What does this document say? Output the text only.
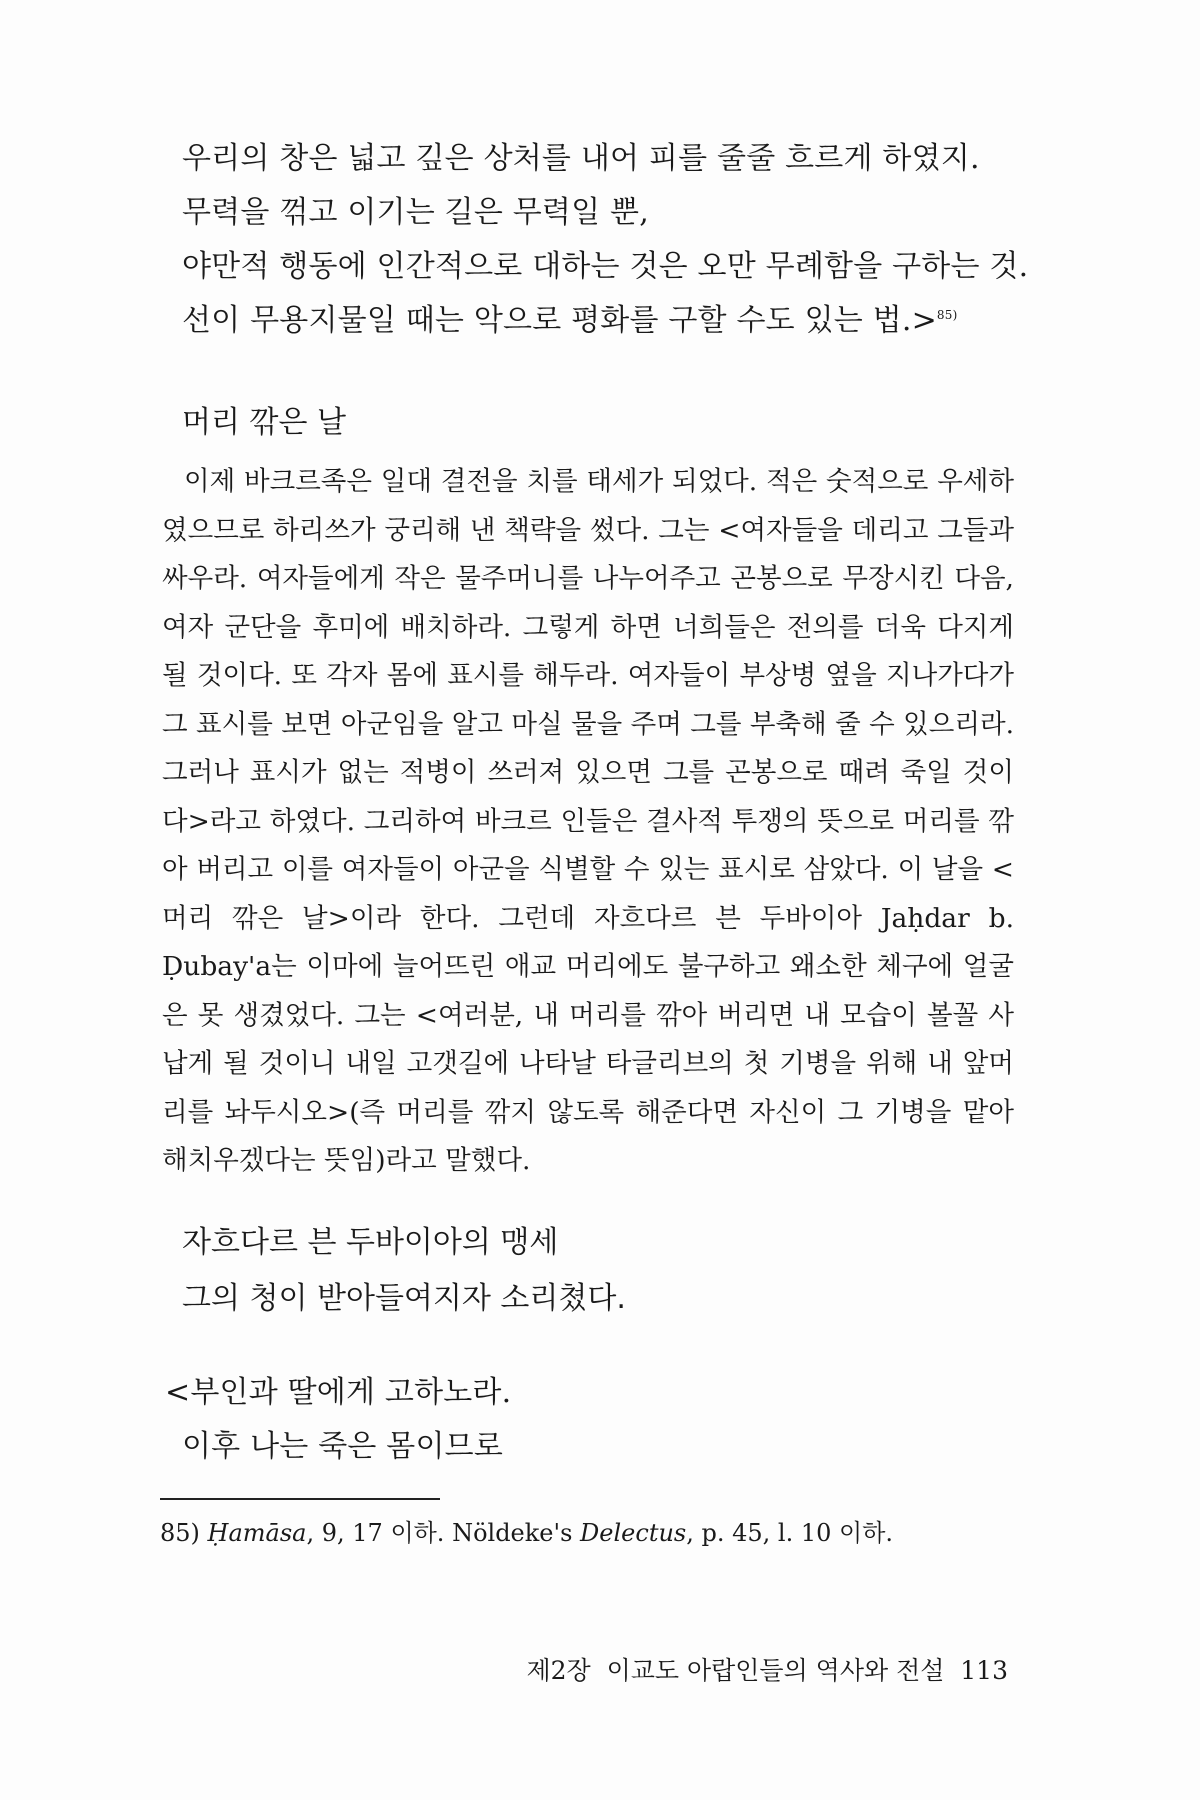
우리의 창은 넓고 깊은 상처를 내어 피를 줄줄 흐르게 하였지.
무력을 꺾고 이기는 길은 무력일 뿐,
야만적 행동에 인간적으로 대하는 것은 오만 무례함을 구하는 것.
선이 무용지물일 때는 악으로 평화를 구할 수도 있는 법.>$^{85)}$
머리 깎은 날

이제 바크르족은 일대 결전을 치를 태세가 되었다. 적은 숫적으로 우세하였으므로 하리쓰가 궁리해 낸 책략을 썼다. 그는 <여자들을 데리고 그들과 싸우라. 여자들에게 작은 물주머니를 나누어주고 곤봉으로 무장시킨 다음, 여자 군단을 후미에 배치하라. 그렇게 하면 너희들은 전의를 더욱 다지게 될 것이다. 또 각자 몸에 표시를 해두라. 여자들이 부상병 옆을 지나가다가 그 표시를 보면 아군임을 알고 마실 물을 주며 그를 부축해 줄 수 있으리라. 그러나 표시가 없는 적병이 쓰러져 있으면 그를 곤봉으로 때려 죽일 것이다>라고 하였다. 그리하여 바크르 인들은 결사적 투쟁의 뜻으로 머리를 깎아 버리고 이를 여자들이 아군을 식별할 수 있는 표시로 삼았다. 이 날을 <머리 깎은 날>이라 한다. 그런데 자흐다르 븐 두바이아 Jaḥdar b. Ḍubay'a는 이마에 늘어뜨린 애교 머리에도 불구하고 왜소한 체구에 얼굴은 못 생겼었다. 그는 <여러분, 내 머리를 깎아 버리면 내 모습이 볼꼴 사납게 될 것이니 내일 고갯길에 나타날 타글리브의 첫 기병을 위해 내 앞머리를 놔두시오>(즉 머리를 깎지 않도록 해준다면 자신이 그 기병을 맡아 해치우겠다는 뜻임)라고 말했다.

자흐다르 븐 두바이아의 맹세
그의 청이 받아들여지자 소리쳤다.
<부인과 딸에게 고하노라.
이후 나는 죽은 몸이므로
85) Ḥamāsa, 9, 17 이하. Nöldeke's Delectus, p. 45, l. 10 이하.
제2장  이교도 아랍인들의 역사와 전설  113
